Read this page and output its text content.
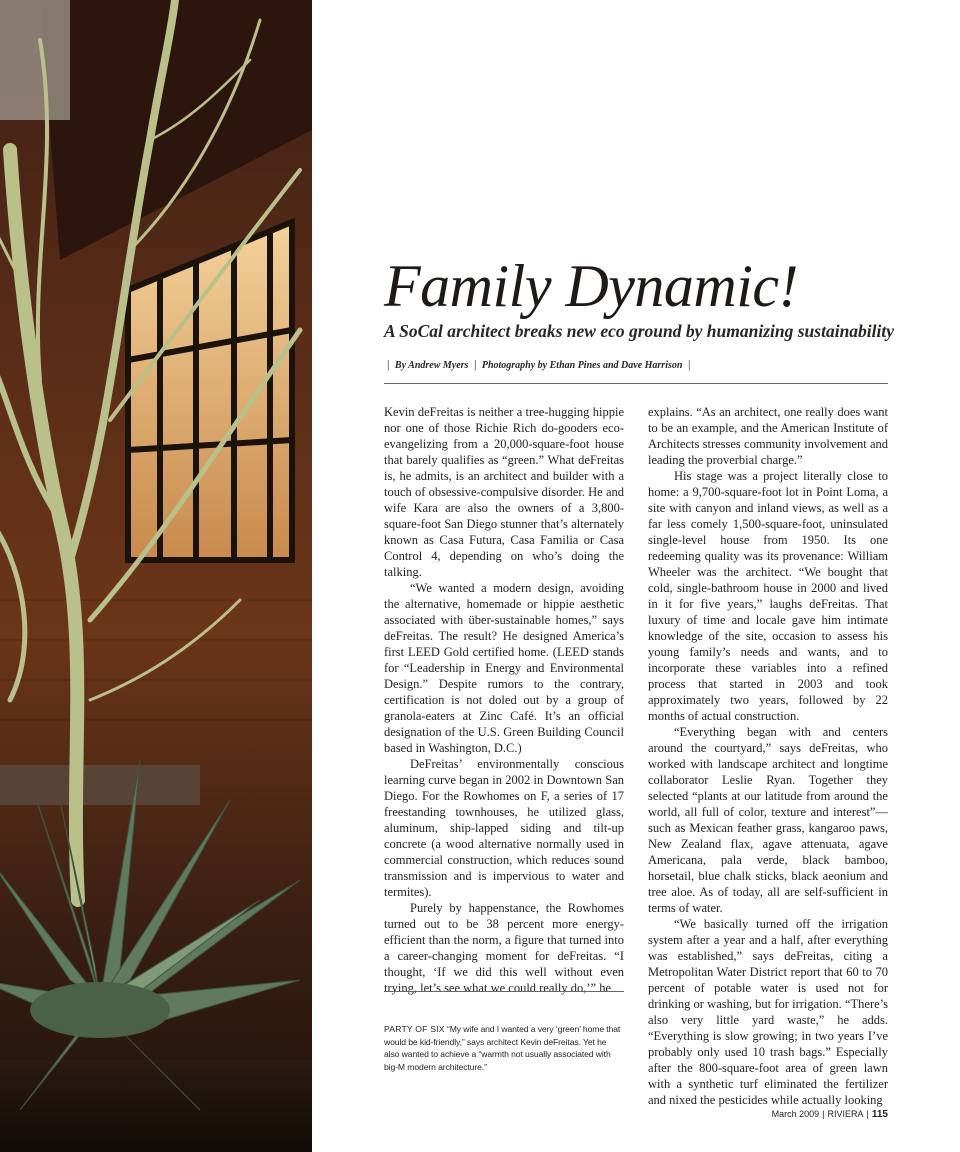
Family Dynamic!
A SoCal architect breaks new eco ground by humanizing sustainability
| By Andrew Myers | Photography by Ethan Pines and Dave Harrison |

Kevin deFreitas is neither a tree-hugging hippie nor one of those Richie Rich do-gooders eco-evangelizing from a 20,000-square-foot house that barely qualifies as “green.” What deFreitas is, he admits, is an architect and builder with a touch of obsessive-compulsive disorder. He and wife Kara are also the owners of a 3,800-square-foot San Diego stunner that’s alternately known as Casa Futura, Casa Familia or Casa Control 4, depending on who’s doing the talking.

“We wanted a modern design, avoiding the alternative, homemade or hippie aesthetic associated with über-sustainable homes,” says deFreitas. The result? He designed America’s first LEED Gold certified home. (LEED stands for “Leadership in Energy and Environmental Design.” Despite rumors to the contrary, certification is not doled out by a group of granola-eaters at Zinc Café. It’s an official designation of the U.S. Green Building Council based in Washington, D.C.)

DeFreitas’ environmentally conscious learning curve began in 2002 in Downtown San Diego. For the Rowhomes on F, a series of 17 freestanding townhouses, he utilized glass, aluminum, ship-lapped siding and tilt-up concrete (a wood alternative normally used in commercial construction, which reduces sound transmission and is impervious to water and termites).

Purely by happenstance, the Rowhomes turned out to be 38 percent more energy-efficient than the norm, a figure that turned into a career-changing moment for deFreitas. “I thought, ‘If we did this well without even trying, let’s see what we could really do,’” he

explains. “As an architect, one really does want to be an example, and the American Institute of Architects stresses community involvement and leading the proverbial charge.”

His stage was a project literally close to home: a 9,700-square-foot lot in Point Loma, a site with canyon and inland views, as well as a far less comely 1,500-square-foot, uninsulated single-level house from 1950. Its one redeeming quality was its provenance: William Wheeler was the architect. “We bought that cold, single-bathroom house in 2000 and lived in it for five years,” laughs deFreitas. That luxury of time and locale gave him intimate knowledge of the site, occasion to assess his young family’s needs and wants, and to incorporate these variables into a refined process that started in 2003 and took approximately two years, followed by 22 months of actual construction.

“Everything began with and centers around the courtyard,” says deFreitas, who worked with landscape architect and longtime collaborator Leslie Ryan. Together they selected “plants at our latitude from around the world, all full of color, texture and interest”—such as Mexican feather grass, kangaroo paws, New Zealand flax, agave attenuata, agave Americana, pala verde, black bamboo, horsetail, blue chalk sticks, black aeonium and tree aloe. As of today, all are self-sufficient in terms of water.

“We basically turned off the irrigation system after a year and a half, after everything was established,” says deFreitas, citing a Metropolitan Water District report that 60 to 70 percent of potable water is used not for drinking or washing, but for irrigation. “There’s also very little yard waste,” he adds. “Everything is slow growing; in two years I’ve probably only used 10 trash bags.” Especially after the 800-square-foot area of green lawn with a synthetic turf eliminated the fertilizer and nixed the pesticides while actually looking

PARTY OF SIX “My wife and I wanted a very ‘green’ home that would be kid-friendly,” says architect Kevin deFreitas. Yet he also wanted to achieve a “warmth not usually associated with big-M modern architecture.”
March 2009 | RIVIERA | 115
